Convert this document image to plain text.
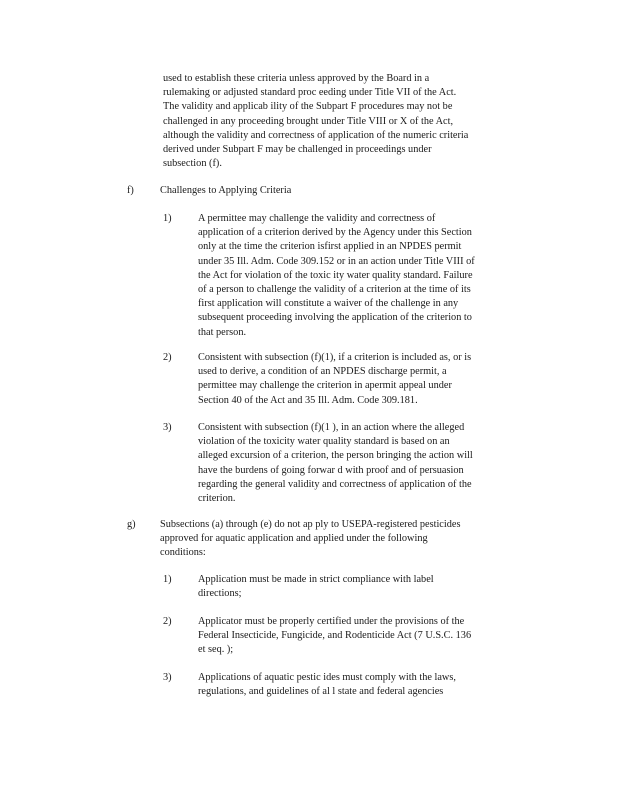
used to establish these criteria unless approved by the Board in a
rulemaking or adjusted standard proc eeding under Title VII of the Act.
The validity and applicab ility of the Subpart F procedures may not be
challenged in any proceeding brought under Title VIII or X of the Act,
although the validity and correctness of application of the numeric criteria
derived under Subpart F may be challenged in proceedings under
subsection (f).
f)	Challenges to Applying Criteria
1)	A permittee may challenge the validity and correctness of
application of a criterion derived by the Agency under this Section
only at the time the criterion isfirst applied in an NPDES permit
under 35 Ill. Adm. Code 309.152 or in an action under Title VIII of
the Act for violation of the toxic ity water quality standard. Failure
of a person to challenge the validity of a criterion at the time of its
first application will constitute a waiver of the challenge in any
subsequent proceeding involving the application of the criterion to
that person.
2)	Consistent with subsection (f)(1), if a criterion is included as, or is
used to derive, a condition of an NPDES discharge permit, a
permittee may challenge the criterion in apermit appeal under
Section 40 of the Act and 35 Ill. Adm. Code 309.181.
3)	Consistent with subsection (f)(1 ), in an action where the alleged
violation of the toxicity water quality standard is based on an
alleged excursion of a criterion, the person bringing the action will
have the burdens of going forwar d with proof and of persuasion
regarding the general validity and correctness of application of the
criterion.
g) Subsections (a) through (e) do not ap ply to USEPA-registered pesticides
approved for aquatic application and applied under the following
conditions:
1)	Application must be made in strict compliance with label
directions;
2)	Applicator must be properly certified under the provisions of the
Federal Insecticide, Fungicide, and Rodenticide Act (7 U.S.C. 136
et seq. );
3)	Applications of aquatic pestic ides must comply with the laws,
regulations, and guidelines of al l state and federal agencies
